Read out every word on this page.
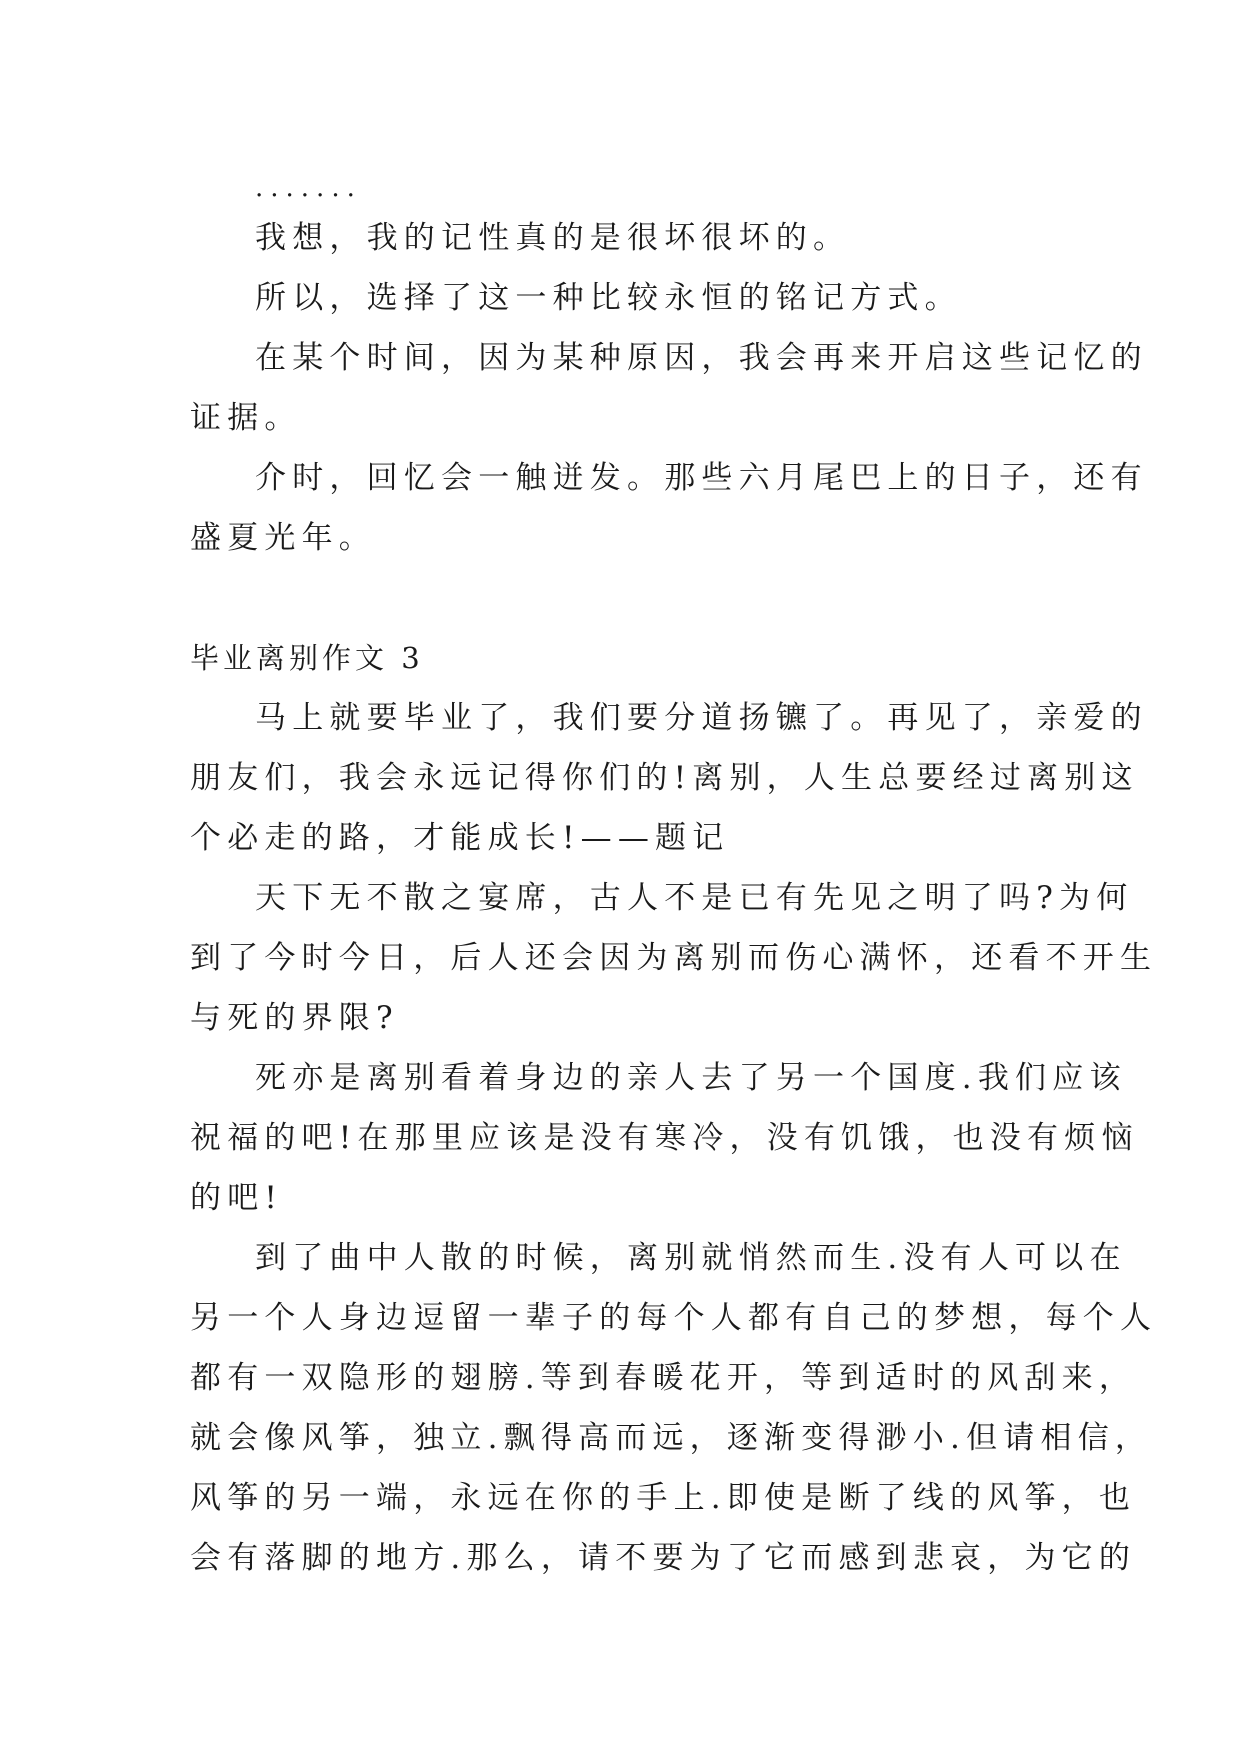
.......
我想，我的记性真的是很坏很坏的。
所以，选择了这一种比较永恒的铭记方式。
在某个时间，因为某种原因，我会再来开启这些记忆的
证据。
介时，回忆会一触迸发。那些六月尾巴上的日子，还有
盛夏光年。
毕业离别作文 3
马上就要毕业了，我们要分道扬镳了。再见了，亲爱的
朋友们，我会永远记得你们的!离别，人生总要经过离别这
个必走的路，才能成长!——题记
天下无不散之宴席，古人不是已有先见之明了吗?为何
到了今时今日，后人还会因为离别而伤心满怀，还看不开生
与死的界限?
死亦是离别看着身边的亲人去了另一个国度.我们应该
祝福的吧!在那里应该是没有寒冷，没有饥饿，也没有烦恼
的吧!
到了曲中人散的时候，离别就悄然而生.没有人可以在
另一个人身边逗留一辈子的每个人都有自己的梦想，每个人
都有一双隐形的翅膀.等到春暖花开，等到适时的风刮来，
就会像风筝，独立.飘得高而远，逐渐变得渺小.但请相信，
风筝的另一端，永远在你的手上.即使是断了线的风筝，也
会有落脚的地方.那么，请不要为了它而感到悲哀，为它的
